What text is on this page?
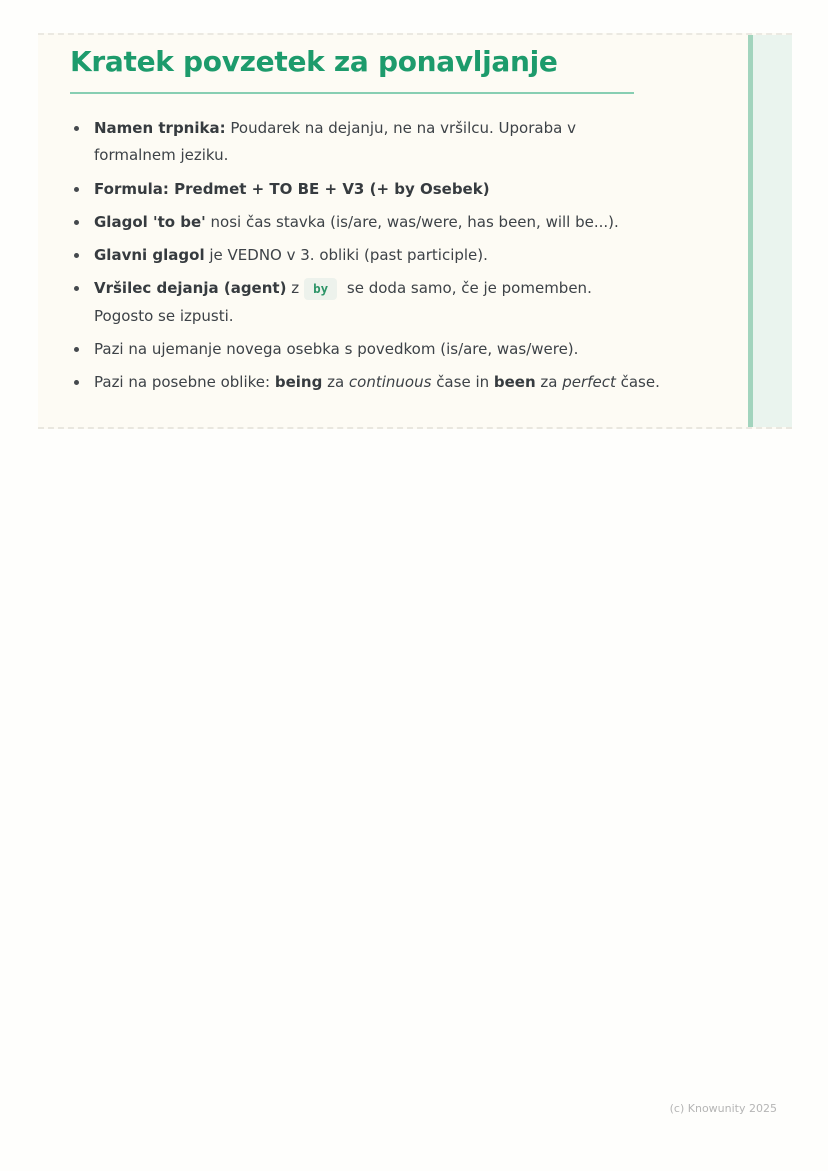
Kratek povzetek za ponavljanje
Namen trpnika: Poudarek na dejanju, ne na vršilcu. Uporaba v formalnem jeziku.
Formula: Predmet + TO BE + V3 (+ by Osebek)
Glagol 'to be' nosi čas stavka (is/are, was/were, has been, will be...).
Glavni glagol je VEDNO v 3. obliki (past participle).
Vršilec dejanja (agent) z by se doda samo, če je pomemben. Pogosto se izpusti.
Pazi na ujemanje novega osebka s povedkom (is/are, was/were).
Pazi na posebne oblike: being za continuous čase in been za perfect čase.
(c) Knowunity 2025
